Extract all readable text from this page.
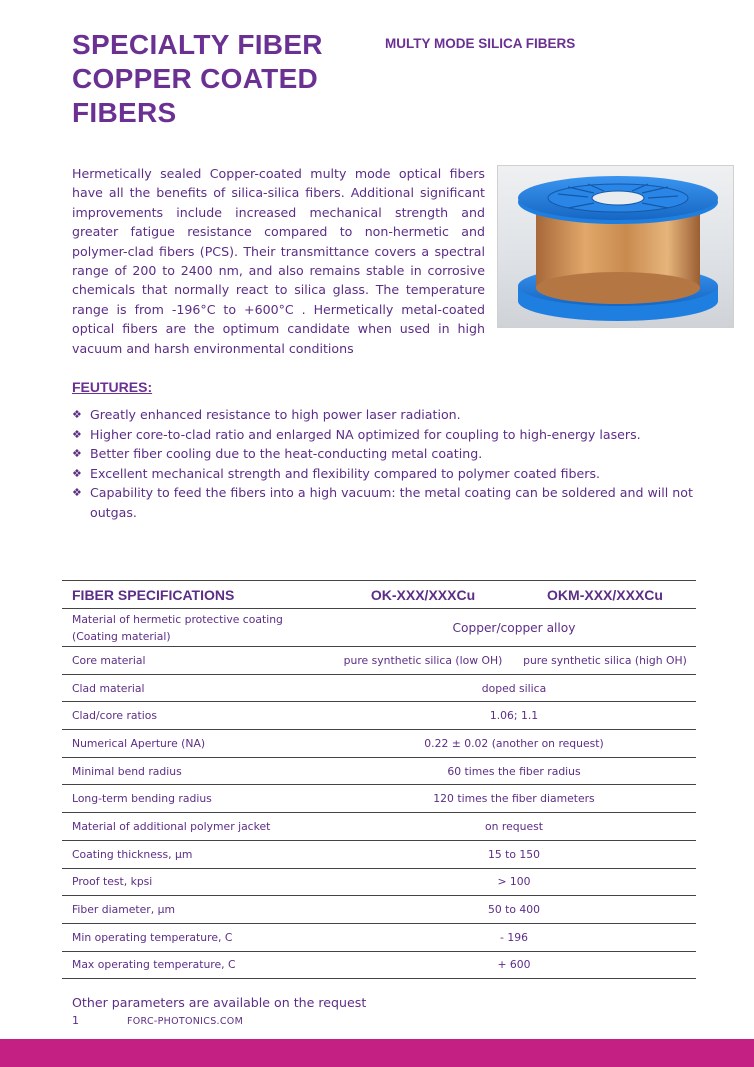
SPECIALTY FIBER
COPPER COATED
FIBERS
MULTY MODE SILICA FIBERS

Hermetically sealed Copper-coated multy mode optical fibers have all the benefits of silica-silica fibers. Additional significant improvements include increased mechanical strength and greater fatigue resistance compared to non-hermetic and polymer-clad fibers (PCS). Their transmittance covers a spectral range of 200 to 2400 nm, and also remains stable in corrosive chemicals that normally react to silica glass. The temperature range is from -196°C to +600°C . Hermetically metal-coated optical fibers are the optimum candidate when used in high vacuum and harsh environmental conditions

FEUTURES:
❖ Greatly enhanced resistance to high power laser radiation.
❖ Higher core-to-clad ratio and enlarged NA optimized for coupling to high-energy lasers.
❖ Better fiber cooling due to the heat-conducting metal coating.
❖ Excellent mechanical strength and flexibility compared to polymer coated fibers.
❖ Capability to feed the fibers into a high vacuum: the metal coating can be soldered and will not outgas.
FIBER SPECIFICATIONS	OK-XXX/XXXCu	OKM-XXX/XXXCu
Material of hermetic protective coating
(Coating material)	Copper/copper alloy	
Core material	pure synthetic silica (low OH)	pure synthetic silica (high OH)
Clad material	doped silica	
Clad/core ratios	1.06; 1.1	
Numerical Aperture (NA)	0.22 ± 0.02 (another on request)	
Minimal bend radius	60 times the fiber radius	
Long-term bending radius	120 times the fiber diameters	
Material of additional polymer jacket	on request	
Coating thickness, µm	15 to 150	
Proof test, kpsi	> 100	
Fiber diameter, µm	50 to 400	
Min operating temperature, C	- 196	
Max operating temperature, C	+ 600	
Other parameters are available on the request
1	FORC-PHOTONICS.COM
